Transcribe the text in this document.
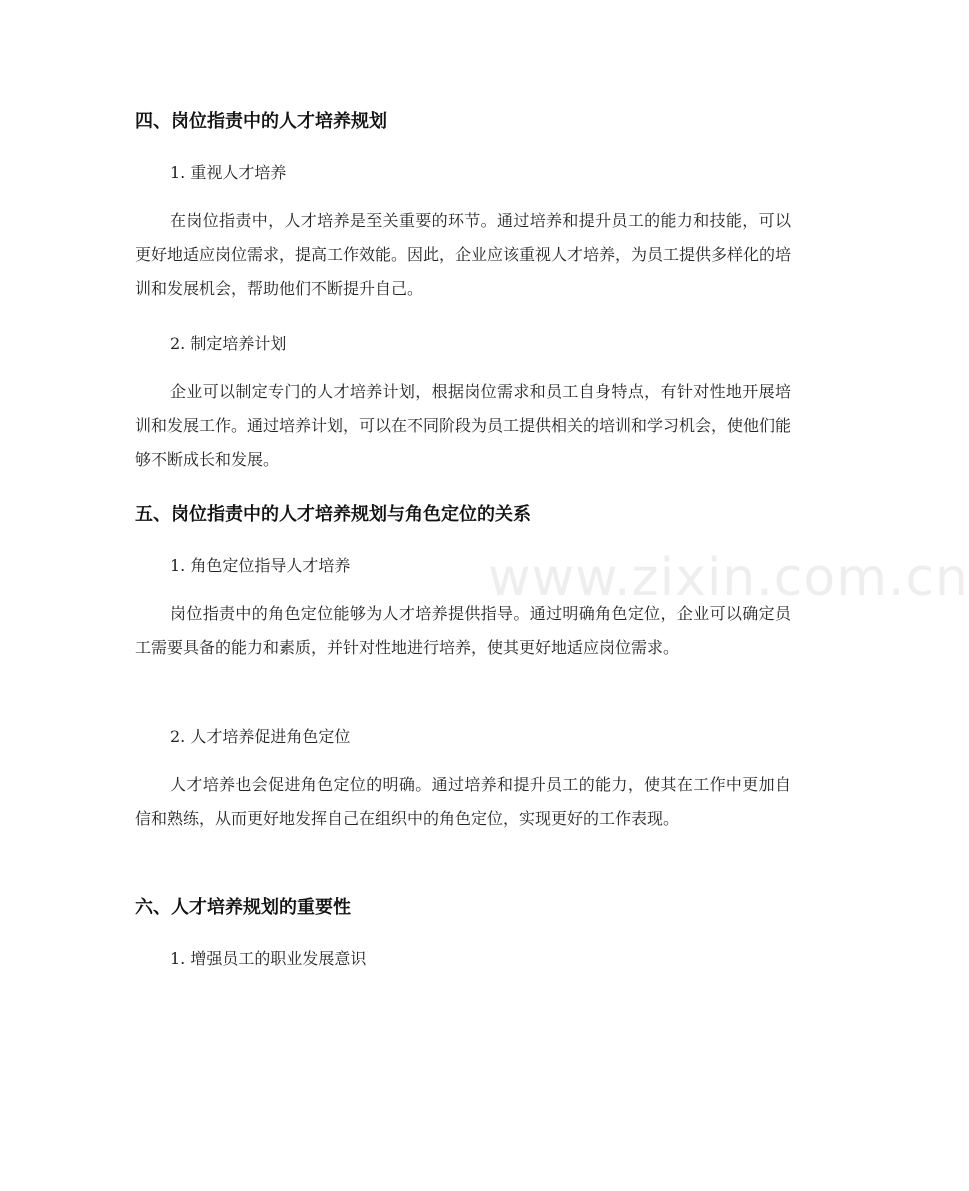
四、岗位指责中的人才培养规划

1. 重视人才培养

在岗位指责中，人才培养是至关重要的环节。通过培养和提升员工的能力和技能，可以更好地适应岗位需求，提高工作效能。因此，企业应该重视人才培养，为员工提供多样化的培训和发展机会，帮助他们不断提升自己。

2. 制定培养计划

企业可以制定专门的人才培养计划，根据岗位需求和员工自身特点，有针对性地开展培训和发展工作。通过培养计划，可以在不同阶段为员工提供相关的培训和学习机会，使他们能够不断成长和发展。

五、岗位指责中的人才培养规划与角色定位的关系

1. 角色定位指导人才培养

岗位指责中的角色定位能够为人才培养提供指导。通过明确角色定位，企业可以确定员工需要具备的能力和素质，并针对性地进行培养，使其更好地适应岗位需求。

2. 人才培养促进角色定位

人才培养也会促进角色定位的明确。通过培养和提升员工的能力，使其在工作中更加自信和熟练，从而更好地发挥自己在组织中的角色定位，实现更好的工作表现。

六、人才培养规划的重要性

1. 增强员工的职业发展意识

www.zixin.com.cn
